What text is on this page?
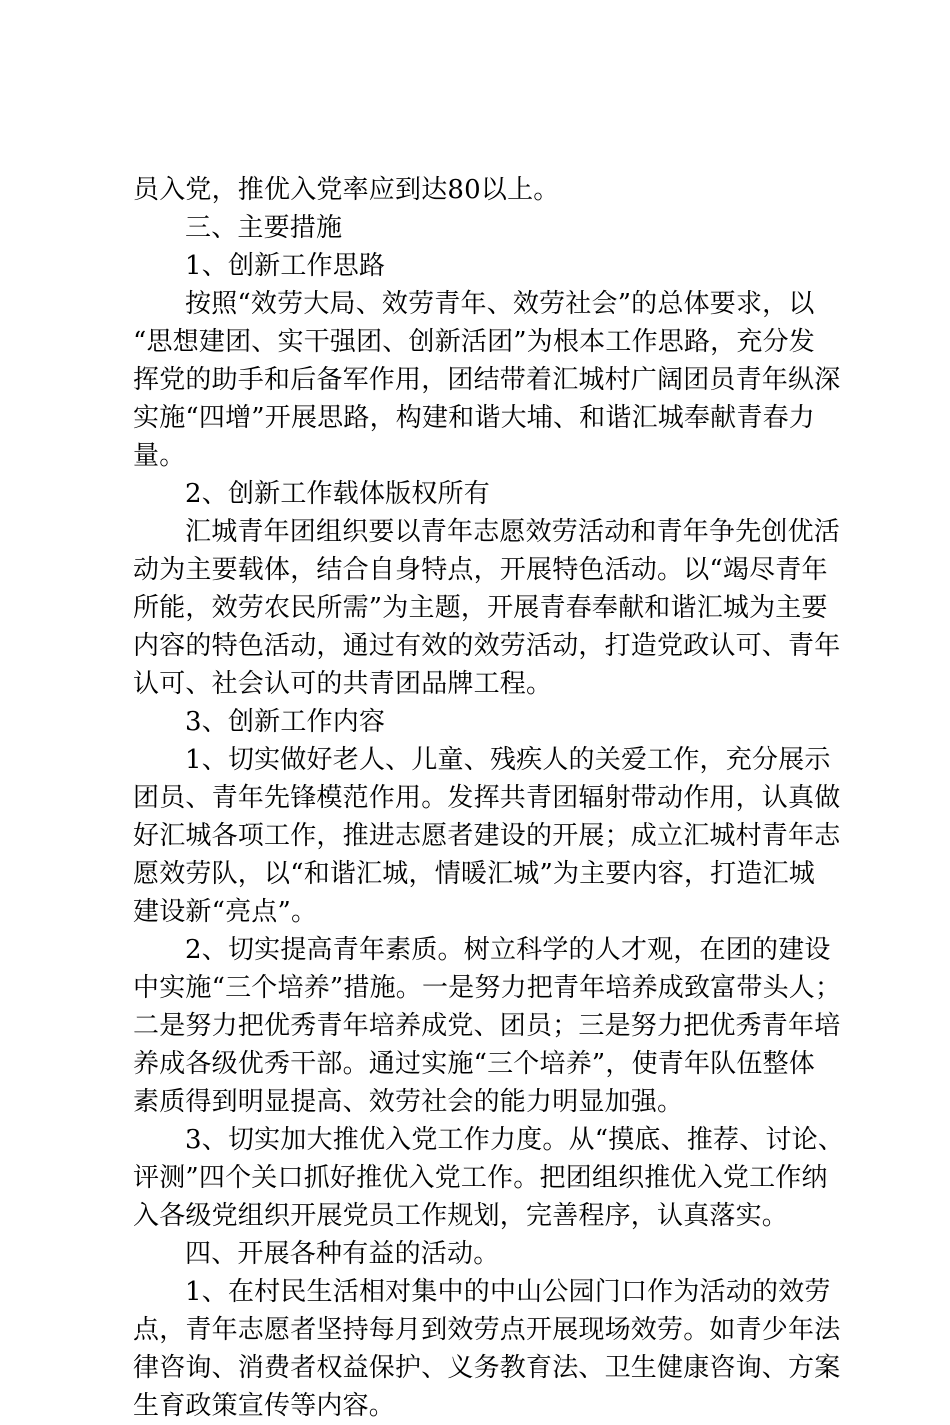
员入党，推优入党率应到达80以上。
三、主要措施
1、创新工作思路
按照“效劳大局、效劳青年、效劳社会”的总体要求，以
“思想建团、实干强团、创新活团”为根本工作思路，充分发
挥党的助手和后备军作用，团结带着汇城村广阔团员青年纵深
实施“四增”开展思路，构建和谐大埔、和谐汇城奉献青春力
量。
2、创新工作载体版权所有
汇城青年团组织要以青年志愿效劳活动和青年争先创优活
动为主要载体，结合自身特点，开展特色活动。以“竭尽青年
所能，效劳农民所需”为主题，开展青春奉献和谐汇城为主要
内容的特色活动，通过有效的效劳活动，打造党政认可、青年
认可、社会认可的共青团品牌工程。
3、创新工作内容
1、切实做好老人、儿童、残疾人的关爱工作，充分展示
团员、青年先锋模范作用。发挥共青团辐射带动作用，认真做
好汇城各项工作，推进志愿者建设的开展；成立汇城村青年志
愿效劳队，以“和谐汇城，情暖汇城”为主要内容，打造汇城
建设新“亮点”。
2、切实提高青年素质。树立科学的人才观，在团的建设
中实施“三个培养”措施。一是努力把青年培养成致富带头人；
二是努力把优秀青年培养成党、团员；三是努力把优秀青年培
养成各级优秀干部。通过实施“三个培养”，使青年队伍整体
素质得到明显提高、效劳社会的能力明显加强。
3、切实加大推优入党工作力度。从“摸底、推荐、讨论、
评测”四个关口抓好推优入党工作。把团组织推优入党工作纳
入各级党组织开展党员工作规划，完善程序，认真落实。
四、开展各种有益的活动。
1、在村民生活相对集中的中山公园门口作为活动的效劳
点，青年志愿者坚持每月到效劳点开展现场效劳。如青少年法
律咨询、消费者权益保护、义务教育法、卫生健康咨询、方案
生育政策宣传等内容。
